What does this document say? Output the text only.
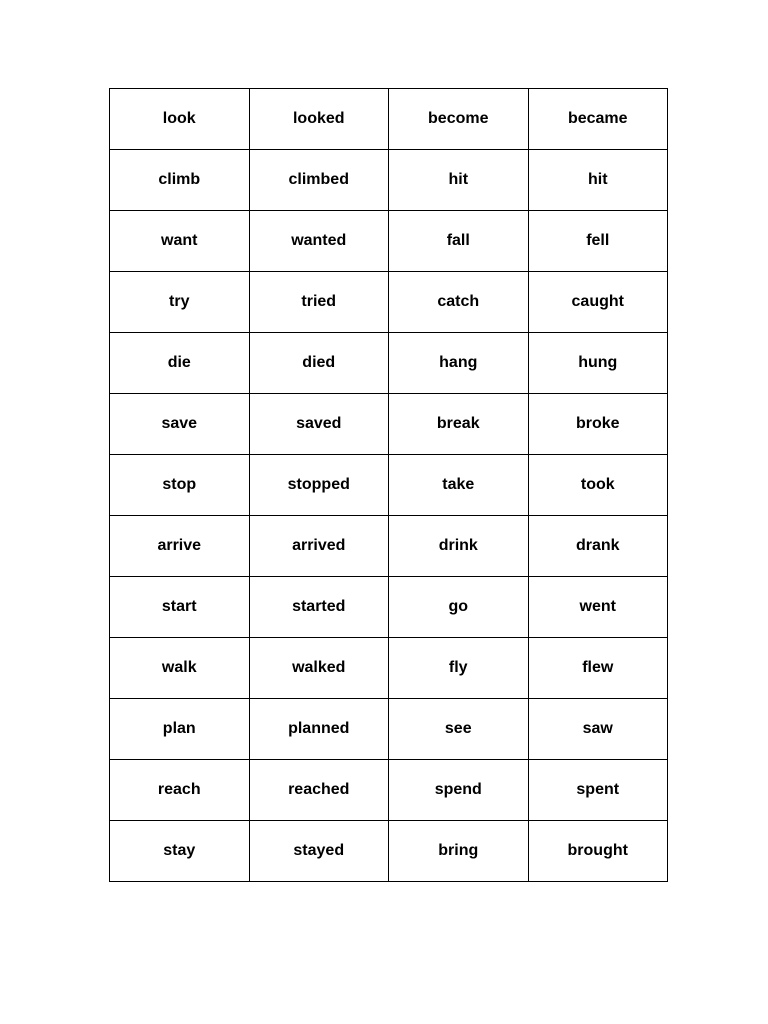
look	looked	become	became
climb	climbed	hit	hit
want	wanted	fall	fell
try	tried	catch	caught
die	died	hang	hung
save	saved	break	broke
stop	stopped	take	took
arrive	arrived	drink	drank
start	started	go	went
walk	walked	fly	flew
plan	planned	see	saw
reach	reached	spend	spent
stay	stayed	bring	brought
